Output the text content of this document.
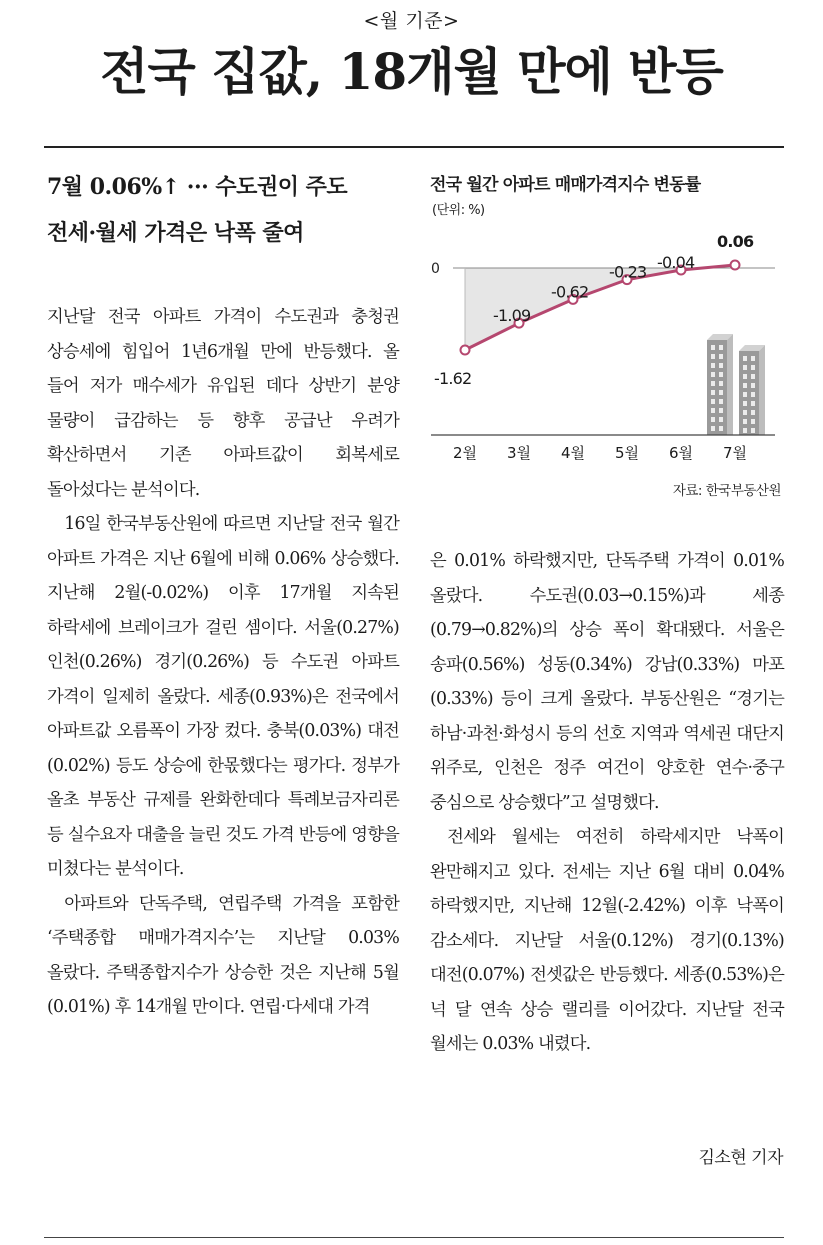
<월 기준>
전국 집값, 18개월 만에 반등
7월 0.06%↑ ··· 수도권이 주도
전세·월세 가격은 낙폭 줄여
전국 월간 아파트 매매가격지수 변동률
(단위: %)
0
-1.62
-1.09
-0.62
-0.23
-0.04
0.06
2월 3월 4월 5월 6월 7월
자료: 한국부동산원

지난달 전국 아파트 가격이 수도권과 충청권 상승세에 힘입어 1년6개월 만에 반등했다. 올 들어 저가 매수세가 유입된 데다 상반기 분양 물량이 급감하는 등 향후 공급난 우려가 확산하면서 기존 아파트값이 회복세로 돌아섰다는 분석이다.

16일 한국부동산원에 따르면 지난달 전국 월간 아파트 가격은 지난 6월에 비해 0.06% 상승했다. 지난해 2월(-0.02%) 이후 17개월 지속된 하락세에 브레이크가 걸린 셈이다. 서울(0.27%) 인천(0.26%) 경기(0.26%) 등 수도권 아파트 가격이 일제히 올랐다. 세종(0.93%)은 전국에서 아파트값 오름폭이 가장 컸다. 충북(0.03%) 대전(0.02%) 등도 상승에 한몫했다는 평가다. 정부가 올초 부동산 규제를 완화한데다 특례보금자리론 등 실수요자 대출을 늘린 것도 가격 반등에 영향을 미쳤다는 분석이다.

아파트와 단독주택, 연립주택 가격을 포함한 ‘주택종합 매매가격지수’는 지난달 0.03% 올랐다. 주택종합지수가 상승한 것은 지난해 5월(0.01%) 후 14개월 만이다. 연립·다세대 가격

은 0.01% 하락했지만, 단독주택 가격이 0.01% 올랐다. 수도권(0.03→0.15%)과 세종(0.79→0.82%)의 상승 폭이 확대됐다. 서울은 송파(0.56%) 성동(0.34%) 강남(0.33%) 마포(0.33%) 등이 크게 올랐다. 부동산원은 “경기는 하남·과천·화성시 등의 선호 지역과 역세권 대단지 위주로, 인천은 정주 여건이 양호한 연수·중구 중심으로 상승했다”고 설명했다.

전세와 월세는 여전히 하락세지만 낙폭이 완만해지고 있다. 전세는 지난 6월 대비 0.04% 하락했지만, 지난해 12월(-2.42%) 이후 낙폭이 감소세다. 지난달 서울(0.12%) 경기(0.13%) 대전(0.07%) 전셋값은 반등했다. 세종(0.53%)은 넉 달 연속 상승 랠리를 이어갔다. 지난달 전국 월세는 0.03% 내렸다.

김소현 기자
